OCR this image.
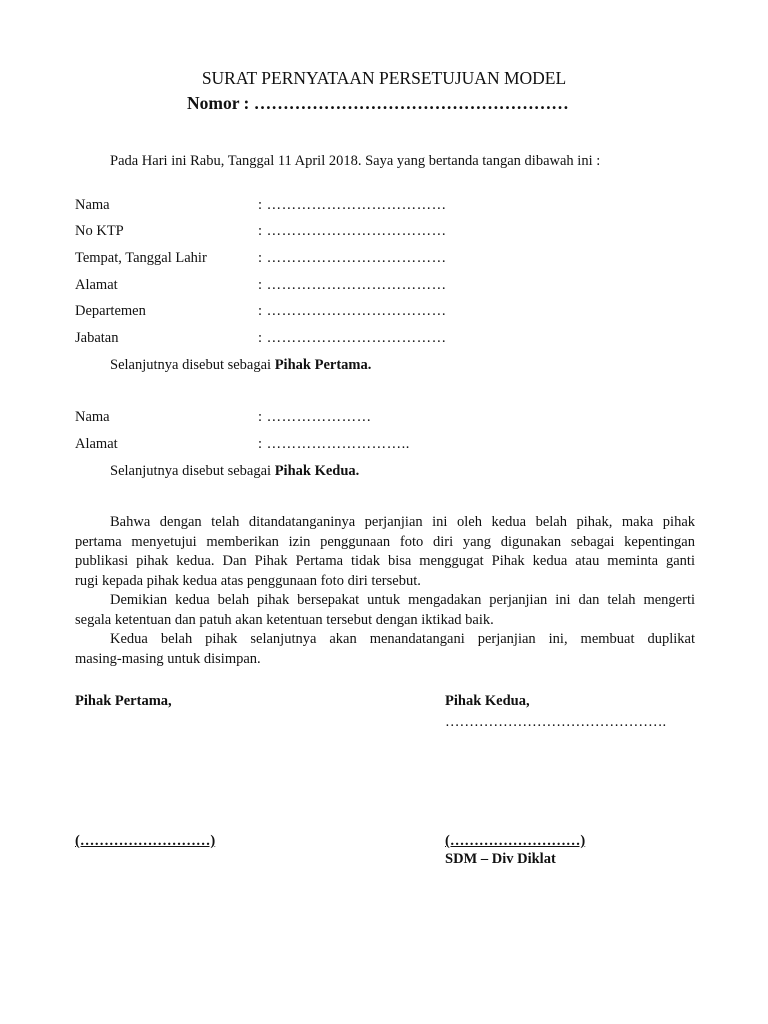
SURAT PERNYATAAN PERSETUJUAN MODEL
Nomor : ………………………………………………
Pada Hari ini Rabu, Tanggal 11 April 2018. Saya yang bertanda tangan dibawah ini :
Nama	: ………………………………
No KTP	: ………………………………
Tempat, Tanggal Lahir	: ………………………………
Alamat	: ………………………………
Departemen	: ………………………………
Jabatan	: ………………………………
Selanjutnya disebut sebagai Pihak Pertama.
Nama	: …………………
Alamat	: ………………………..
Selanjutnya disebut sebagai Pihak Kedua.
Bahwa dengan telah ditandatanganinya perjanjian ini oleh kedua belah pihak, maka pihak
pertama menyetujui memberikan izin penggunaan foto diri yang digunakan sebagai kepentingan
publikasi pihak kedua. Dan Pihak Pertama tidak bisa menggugat Pihak kedua atau meminta ganti
rugi kepada pihak kedua atas penggunaan foto diri tersebut.
Demikian kedua belah pihak bersepakat untuk mengadakan perjanjian ini dan telah mengerti
segala ketentuan dan patuh akan ketentuan tersebut dengan iktikad baik.
Kedua belah pihak selanjutnya akan menandatangani perjanjian ini, membuat duplikat
masing-masing untuk disimpan.
Pihak Pertama,	Pihak Kedua,
……………………………………….
(………………………)	(………………………)
SDM – Div Diklat
